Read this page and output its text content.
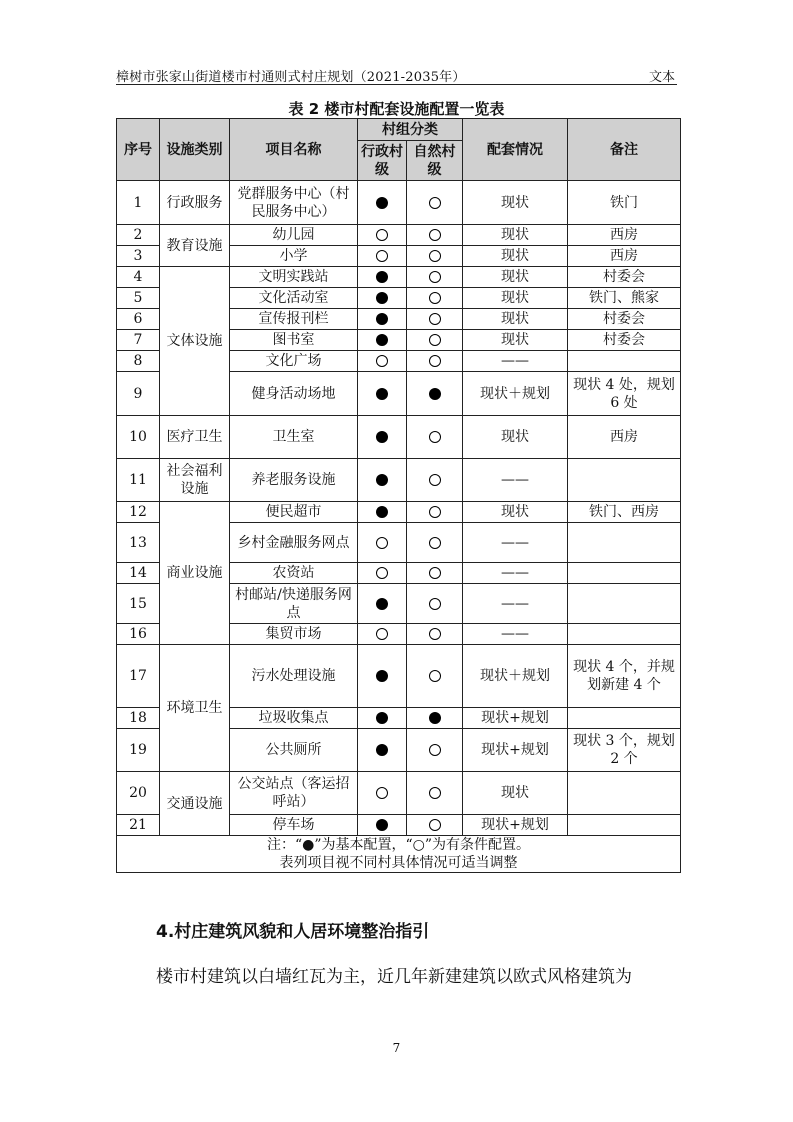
樟树市张家山街道楼市村通则式村庄规划（2021-2035年）	文本
表 2 楼市村配套设施配置一览表
序号	设施类别	项目名称	村组分类		配套情况	备注
			行政村级	自然村级		
1	行政服务	党群服务中心（村民服务中心）			现状	铁门
2	教育设施	幼儿园			现状	西房
3		小学			现状	西房
4	文体设施	文明实践站			现状	村委会
5		文化活动室			现状	铁门、熊家
6		宣传报刊栏			现状	村委会
7		图书室			现状	村委会
8		文化广场			——	
9		健身活动场地			现状＋规划	现状 4 处，规划 6 处
10	医疗卫生	卫生室			现状	西房
11	社会福利设施	养老服务设施			——	
12	商业设施	便民超市			现状	铁门、西房
13		乡村金融服务网点			——	
14		农资站			——	
15		村邮站/快递服务网点			——	
16		集贸市场			——	
17	环境卫生	污水处理设施			现状＋规划	现状 4 个，并规划新建 4 个
18		垃圾收集点			现状+规划	
19		公共厕所			现状+规划	现状 3 个，规划 2 个
20	交通设施	公交站点（客运招呼站）			现状	
21		停车场			现状+规划	

注：“●”为基本配置，“○”为有条件配置。
表列项目视不同村具体情况可适当调整						
4.村庄建筑风貌和人居环境整治指引
楼市村建筑以白墙红瓦为主，近几年新建建筑以欧式风格建筑为
7
